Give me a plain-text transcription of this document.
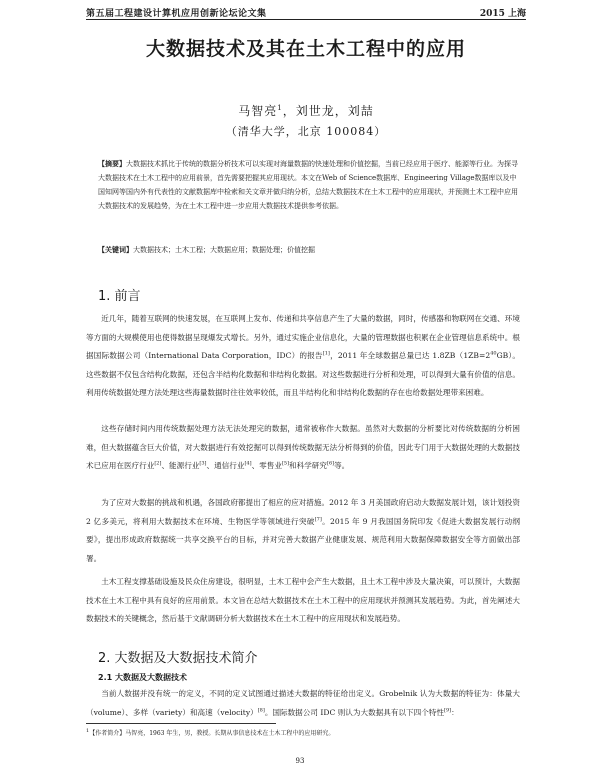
第五届工程建设计算机应用创新论坛论文集	2015 上海
大数据技术及其在土木工程中的应用
马智亮$^1$，刘世龙，刘喆
（清华大学，北京 100084）
【摘要】大数据技术抓比于传统的数据分析技术可以实现对海量数据的快速处理和价值挖掘，当前已经应用于医疗、能源等行业。为探寻大数据技术在土木工程中的应用前景，首先需要把握其应用现状。本文在Web of Science数据库、Engineering Village数据库以及中国知网等国内外有代表性的文献数据库中检索和关文章并做归纳分析，总结大数据技术在土木工程中的应用现状，并预测土木工程中应用大数据技术的发展趋势，为在土木工程中进一步应用大数据技术提供参考依据。
【关键词】大数据技术；土木工程；大数据应用；数据处理；价值挖掘
1. 前言
近几年，随着互联网的快速发展，在互联网上发布、传递和共享信息产生了大量的数据，同时，传感器和物联网在交通、环境等方面的大规模使用也使得数据呈现爆发式增长。另外，通过实施企业信息化，大量的管理数据也积累在企业管理信息系统中。根据国际数据公司（International Data Corporation，IDC）的报告[1]，2011 年全球数据总量已达 $1.8ZB(1ZB=2^{40}GB)$。这些数据不仅包含结构化数据，还包含半结构化数据和非结构化数据。对这些数据进行分析和处理，可以得到大量有价值的信息。利用传统数据处理方法处理这些海量数据时往往效率较低，而且半结构化和非结构化数据的存在也给数据处理带来困难。
这些存储时间内用传统数据处理方法无法处理完的数据，通常被称作大数据。虽然对大数据的分析要比对传统数据的分析困难，但大数据蕴含巨大价值，对大数据进行有效挖掘可以得到传统数据无法分析得到的价值，因此专门用于大数据处理的大数据技术已应用在医疗行业[2]、能源行业[3]、通信行业[4]、零售业[5]和科学研究[6]等。
为了应对大数据的挑战和机遇，各国政府都提出了相应的应对措施。2012 年 3 月美国政府启动大数据发展计划，该计划投资 2 亿多美元，将利用大数据技术在环境、生物医学等领域进行突破[7]。2015 年 9 月我国国务院印发《促进大数据发展行动纲要》，提出形成政府数据统一共享交换平台的目标，并对完善大数据产业健康发展、规范利用大数据保障数据安全等方面做出部署。
土木工程支撑基础设施及民众住房建设，很明显，土木工程中会产生大数据，且土木工程中涉及大量决策，可以预计，大数据技术在土木工程中具有良好的应用前景。本文旨在总结大数据技术在土木工程中的应用现状并预测其发展趋势。为此，首先阐述大数据技术的关键概念，然后基于文献调研分析大数据技术在土木工程中的应用现状和发展趋势。
2. 大数据及大数据技术简介
2.1 大数据及大数据技术
当前人数据并没有统一的定义，不同的定义试图通过描述大数据的特征给出定义。Grobelnik 认为大数据的特征为：体量大（volume）、多样（variety）和高速（velocity）[8]。国际数据公司 IDC 则认为大数据具有以下四个特性[9]：
$^1$【作者简介】马智亮，1963 年生，男，教授。长期从事信息技术在土木工程中的应用研究。
93
